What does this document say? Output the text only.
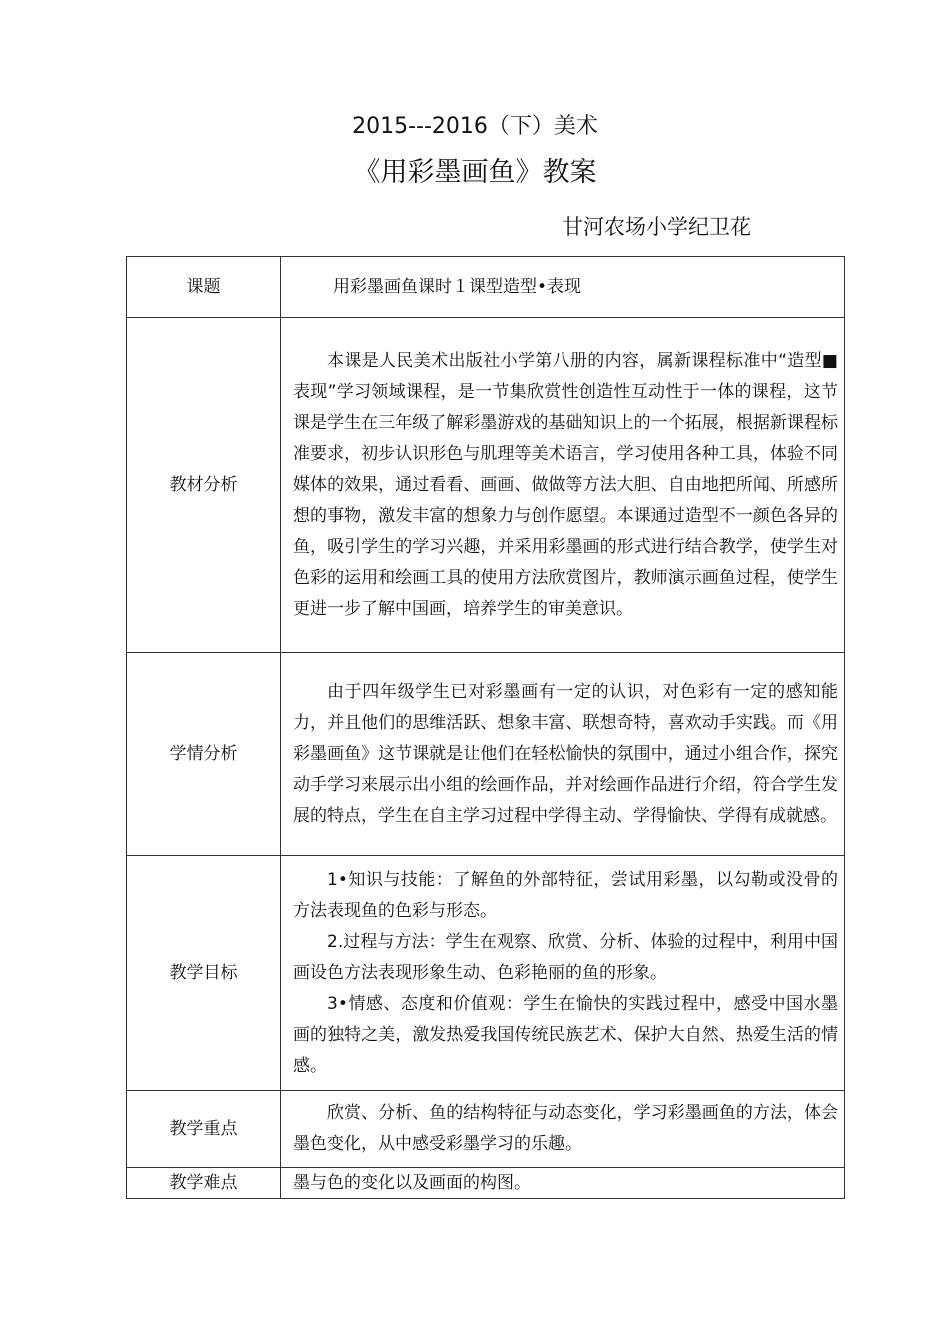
2015---2016（下）美术
《用彩墨画鱼》教案
甘河农场小学纪卫花
课题	用彩墨画鱼课时１课型造型•表现

教材分析	本课是人民美术出版社小学第八册的内容，属新课程标准中“造型■表现”学习领域课程，是一节集欣赏性创造性互动性于一体的课程，这节课是学生在三年级了解彩墨游戏的基础知识上的一个拓展，根据新课程标准要求，初步认识形色与肌理等美术语言，学习使用各种工具，体验不同媒体的效果，通过看看、画画、做做等方法大胆、自由地把所闻、所感所想的事物，激发丰富的想象力与创作愿望。本课通过造型不一颜色各异的鱼，吸引学生的学习兴趣，并采用彩墨画的形式进行结合教学，使学生对色彩的运用和绘画工具的使用方法欣赏图片，教师演示画鱼过程，使学生更进一步了解中国画，培养学生的审美意识。

学情分析	由于四年级学生已对彩墨画有一定的认识，对色彩有一定的感知能力，并且他们的思维活跃、想象丰富、联想奇特，喜欢动手实践。而《用彩墨画鱼》这节课就是让他们在轻松愉快的氛围中，通过小组合作，探究动手学习来展示出小组的绘画作品，并对绘画作品进行介绍，符合学生发展的特点，学生在自主学习过程中学得主动、学得愉快、学得有成就感。

教学目标	1•知识与技能：了解鱼的外部特征，尝试用彩墨，以勾勒或没骨的方法表现鱼的色彩与形态。

2.过程与方法：学生在观察、欣赏、分析、体验的过程中，利用中国画设色方法表现形象生动、色彩艳丽的鱼的形象。

3•情感、态度和价值观：学生在愉快的实践过程中，感受中国水墨画的独特之美，激发热爱我国传统民族艺术、保护大自然、热爱生活的情感。

教学重点	欣赏、分析、鱼的结构特征与动态变化，学习彩墨画鱼的方法，体会墨色变化，从中感受彩墨学习的乐趣。

教学难点	墨与色的变化以及画面的构图。
